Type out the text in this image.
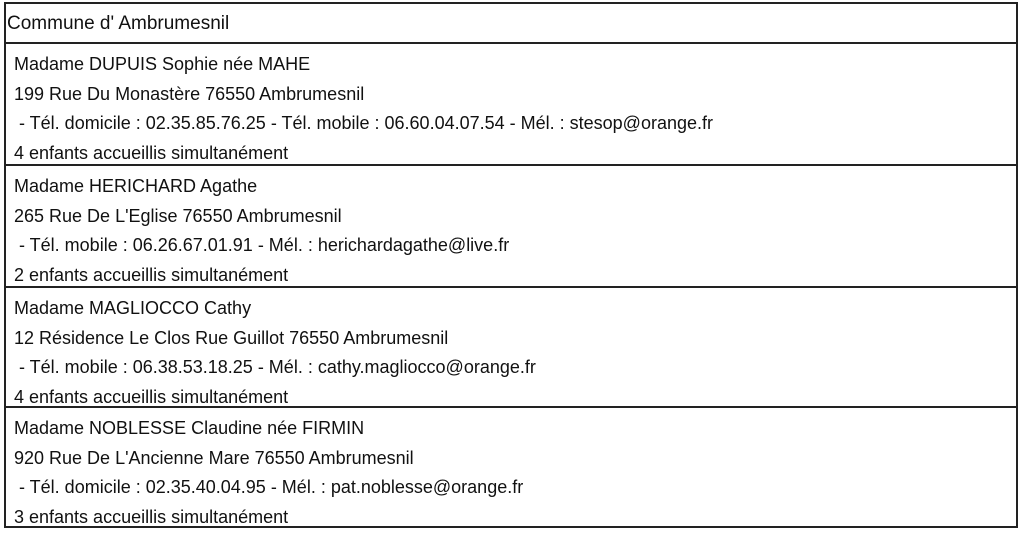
Commune d' Ambrumesnil
Madame DUPUIS Sophie née MAHE
199 Rue Du Monastère 76550 Ambrumesnil
- Tél. domicile : 02.35.85.76.25 - Tél. mobile : 06.60.04.07.54 - Mél. : stesop@orange.fr
4 enfants accueillis simultanément
Madame HERICHARD Agathe
265 Rue De L'Eglise 76550 Ambrumesnil
- Tél. mobile : 06.26.67.01.91 - Mél. : herichardagathe@live.fr
2 enfants accueillis simultanément
Madame MAGLIOCCO Cathy
12 Résidence Le Clos Rue Guillot 76550 Ambrumesnil
- Tél. mobile : 06.38.53.18.25 - Mél. : cathy.magliocco@orange.fr
4 enfants accueillis simultanément
Madame NOBLESSE Claudine née FIRMIN
920 Rue De L'Ancienne Mare 76550 Ambrumesnil
- Tél. domicile : 02.35.40.04.95 - Mél. : pat.noblesse@orange.fr
3 enfants accueillis simultanément
